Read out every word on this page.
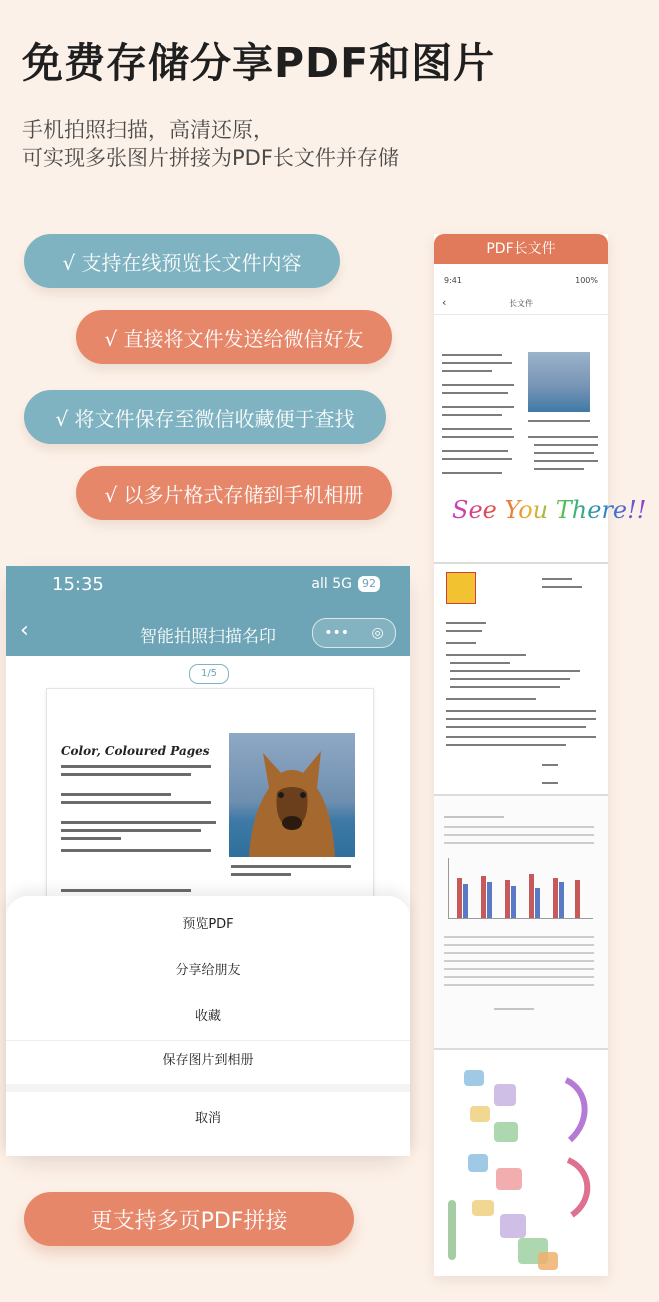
免费存储分享PDF和图片
手机拍照扫描，高清还原，
可实现多张图片拼接为PDF长文件并存储
√ 支持在线预览长文件内容
√ 直接将文件发送给微信好友
√ 将文件保存至微信收藏便于查找
√ 以多片格式存储到手机相册
15:35	all 5G 92
‹	智能拍照扫描名印	••• ◎
1/5
Color, Coloured Pages
预览PDF
分享给朋友
收藏
保存图片到相册
取消
更支持多页PDF拼接
PDF长文件
9:41	100%
‹	长文件
See You There!!
